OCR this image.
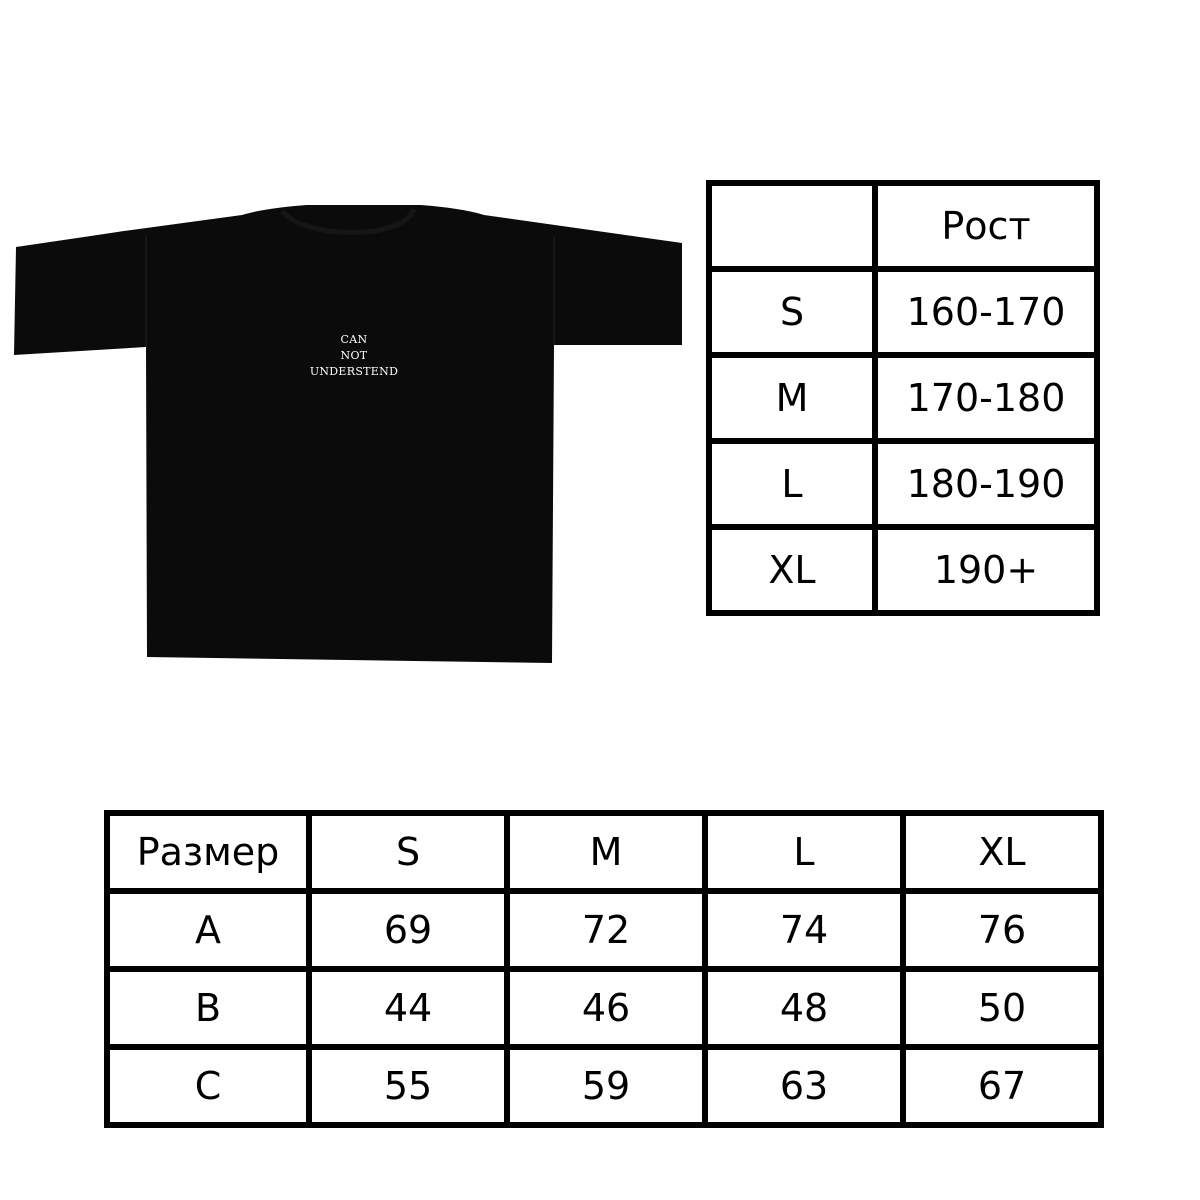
CAN
NOT
UNDERSTEND
	Рост
S	160-170
M	170-180
L	180-190
XL	190+
Размер	S	M	L	XL
A	69	72	74	76
B	44	46	48	50
C	55	59	63	67
